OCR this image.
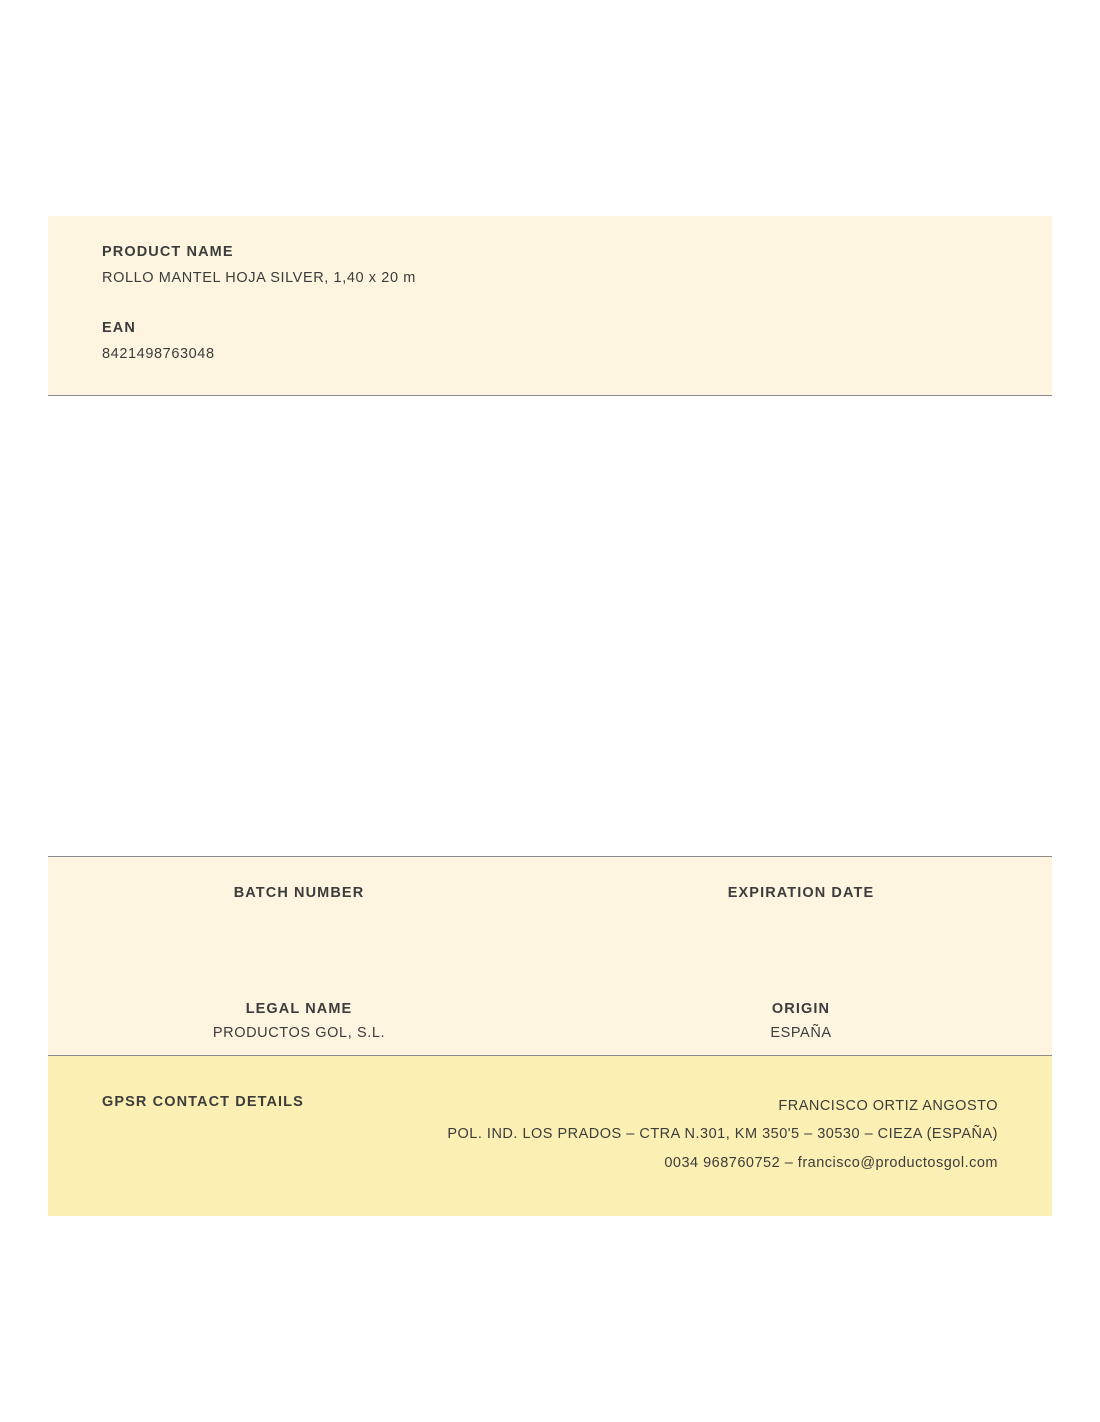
PRODUCT NAME
ROLLO MANTEL HOJA SILVER, 1,40 x 20 m
EAN
8421498763048
BATCH NUMBER	EXPIRATION DATE
LEGAL NAME
PRODUCTOS GOL, S.L.
ORIGIN
ESPAÑA
GPSR CONTACT DETAILS	FRANCISCO ORTIZ ANGOSTO
POL. IND. LOS PRADOS – CTRA N.301, KM 350'5 – 30530 – CIEZA (ESPAÑA)
0034 968760752 – francisco@productosgol.com
